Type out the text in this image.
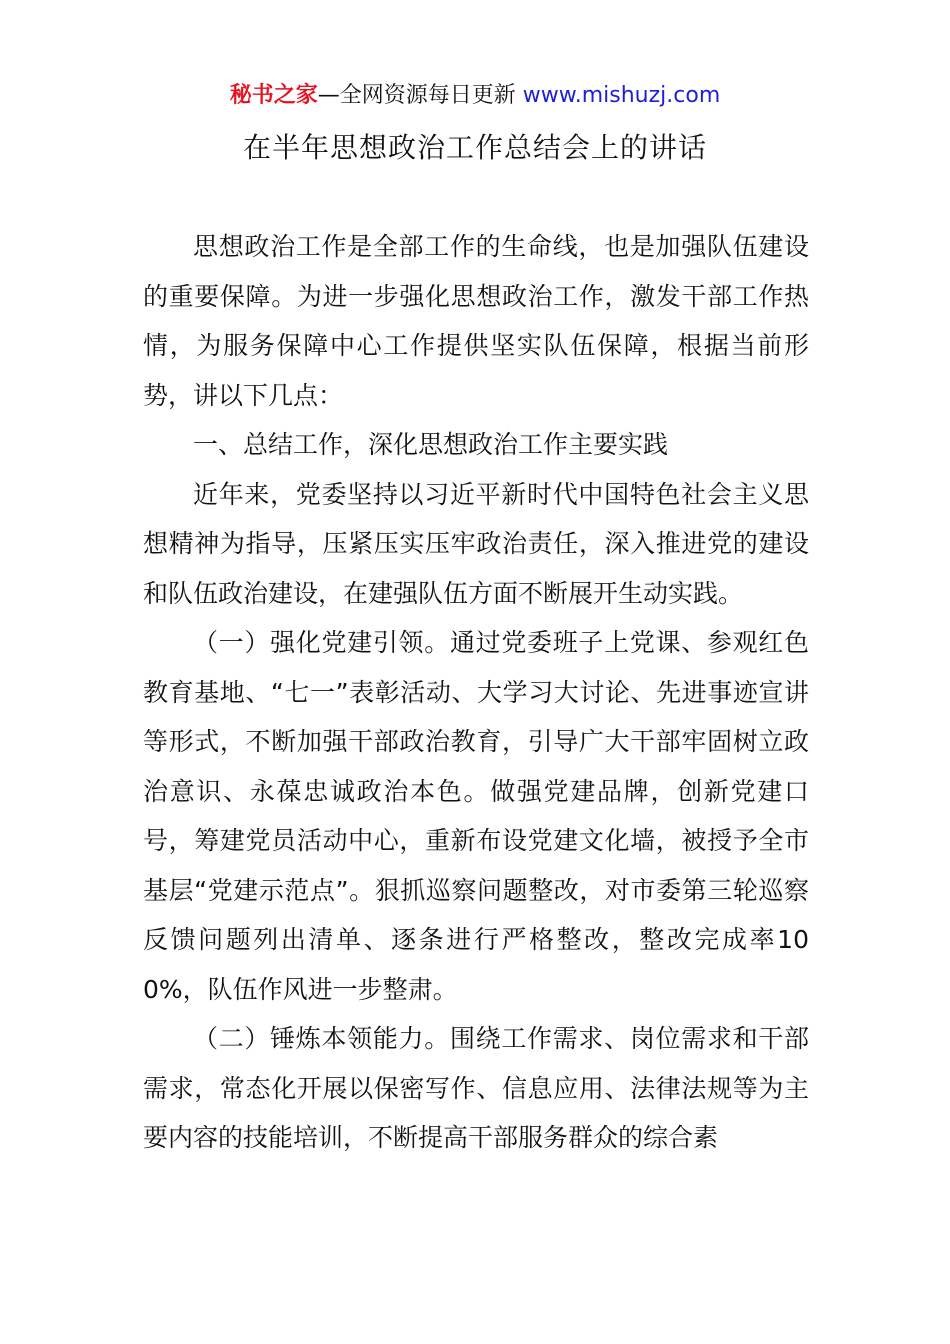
秘书之家—全网资源每日更新 www.mishuzj.com
在半年思想政治工作总结会上的讲话

思想政治工作是全部工作的生命线，也是加强队伍建设的重要保障。为进一步强化思想政治工作，激发干部工作热情，为服务保障中心工作提供坚实队伍保障，根据当前形势，讲以下几点：

一、总结工作，深化思想政治工作主要实践

近年来，党委坚持以习近平新时代中国特色社会主义思想精神为指导，压紧压实压牢政治责任，深入推进党的建设和队伍政治建设，在建强队伍方面不断展开生动实践。

（一）强化党建引领。通过党委班子上党课、参观红色教育基地、“七一”表彰活动、大学习大讨论、先进事迹宣讲等形式，不断加强干部政治教育，引导广大干部牢固树立政治意识、永葆忠诚政治本色。做强党建品牌，创新党建口号，筹建党员活动中心，重新布设党建文化墙，被授予全市基层“党建示范点”。狠抓巡察问题整改，对市委第三轮巡察反馈问题列出清单、逐条进行严格整改，整改完成率100%，队伍作风进一步整肃。

（二）锤炼本领能力。围绕工作需求、岗位需求和干部需求，常态化开展以保密写作、信息应用、法律法规等为主要内容的技能培训，不断提高干部服务群众的综合素
